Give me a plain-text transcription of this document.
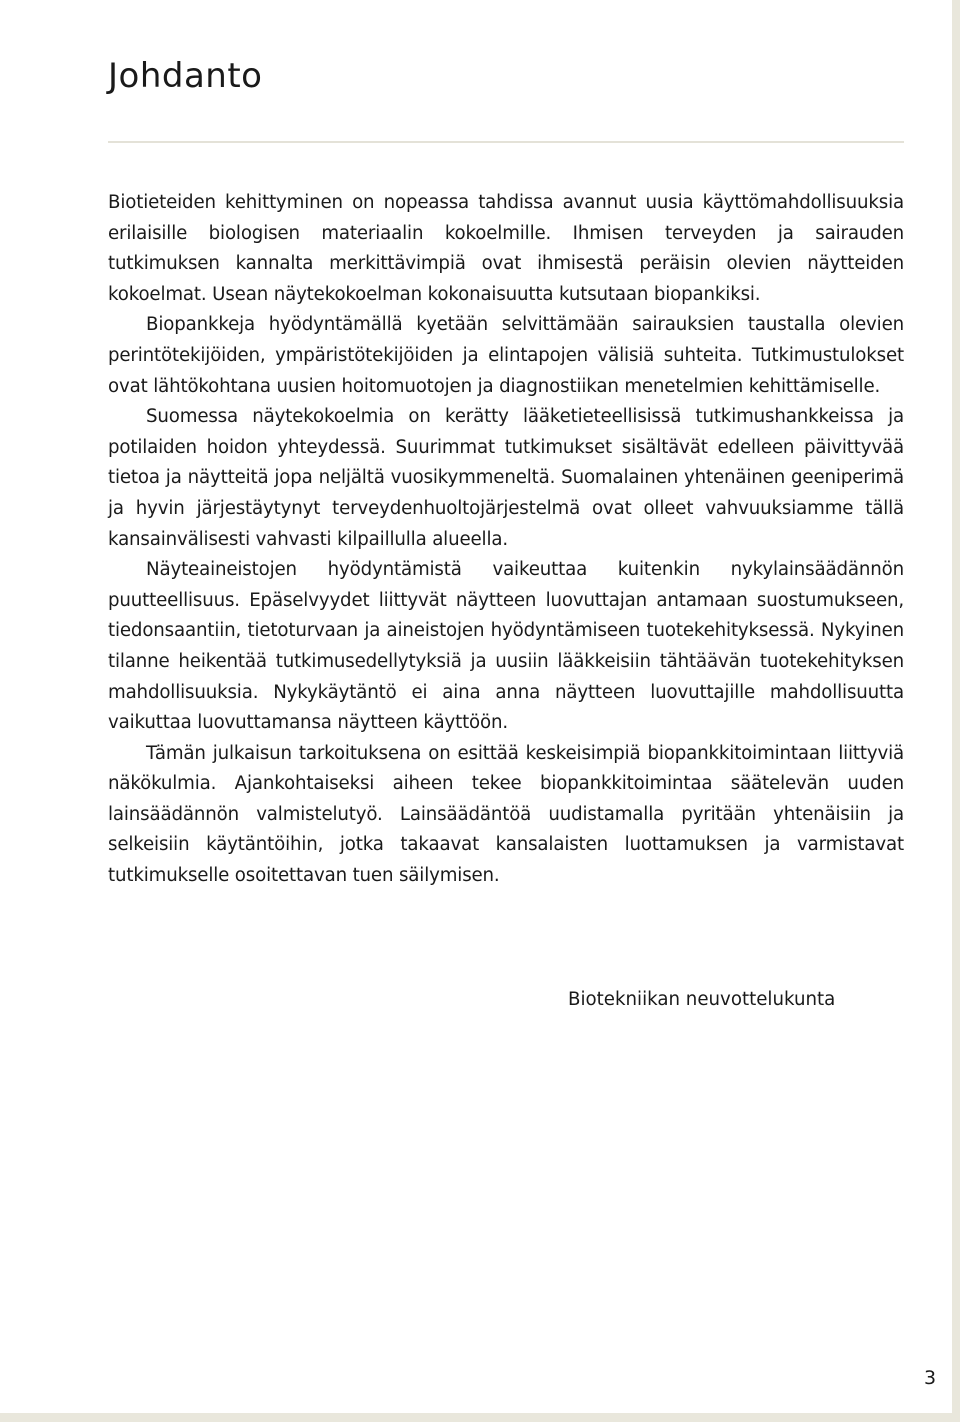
Johdanto

Biotieteiden kehittyminen on nopeassa tahdissa avannut uusia käyttömahdollisuuksia erilaisille biologisen materiaalin kokoelmille. Ihmisen terveyden ja sairauden tutkimuksen kannalta merkittävimpiä ovat ihmisestä peräisin olevien näytteiden kokoelmat. Usean näytekokoelman kokonaisuutta kutsutaan biopankiksi.

Biopankkeja hyödyntämällä kyetään selvittämään sairauksien taustalla olevien perintötekijöiden, ympäristötekijöiden ja elintapojen välisiä suhteita. Tutkimustulokset ovat lähtökohtana uusien hoitomuotojen ja diagnostiikan menetelmien kehittämiselle.

Suomessa näytekokoelmia on kerätty lääketieteellisissä tutkimushankkeissa ja potilaiden hoidon yhteydessä. Suurimmat tutkimukset sisältävät edelleen päivittyvää tietoa ja näytteitä jopa neljältä vuosikymmeneltä. Suomalainen yhtenäinen geeniperimä ja hyvin järjestäytynyt terveydenhuoltojärjestelmä ovat olleet vahvuuksiamme tällä kansainvälisesti vahvasti kilpaillulla alueella.

Näyteaineistojen hyödyntämistä vaikeuttaa kuitenkin nykylainsäädännön puutteellisuus. Epäselvyydet liittyvät näytteen luovuttajan antamaan suostumukseen, tiedonsaantiin, tietoturvaan ja aineistojen hyödyntämiseen tuotekehityksessä. Nykyinen tilanne heikentää tutkimusedellytyksiä ja uusiin lääkkeisiin tähtäävän tuotekehityksen mahdollisuuksia. Nykykäytäntö ei aina anna näytteen luovuttajille mahdollisuutta vaikuttaa luovuttamansa näytteen käyttöön.

Tämän julkaisun tarkoituksena on esittää keskeisimpiä biopankkitoimintaan liittyviä näkökulmia. Ajankohtaiseksi aiheen tekee biopankkitoimintaa säätelevän uuden lainsäädännön valmistelutyö. Lainsäädäntöä uudistamalla pyritään yhtenäisiin ja selkeisiin käytäntöihin, jotka takaavat kansalaisten luottamuksen ja varmistavat tutkimukselle osoitettavan tuen säilymisen.

Biotekniikan neuvottelukunta
3
